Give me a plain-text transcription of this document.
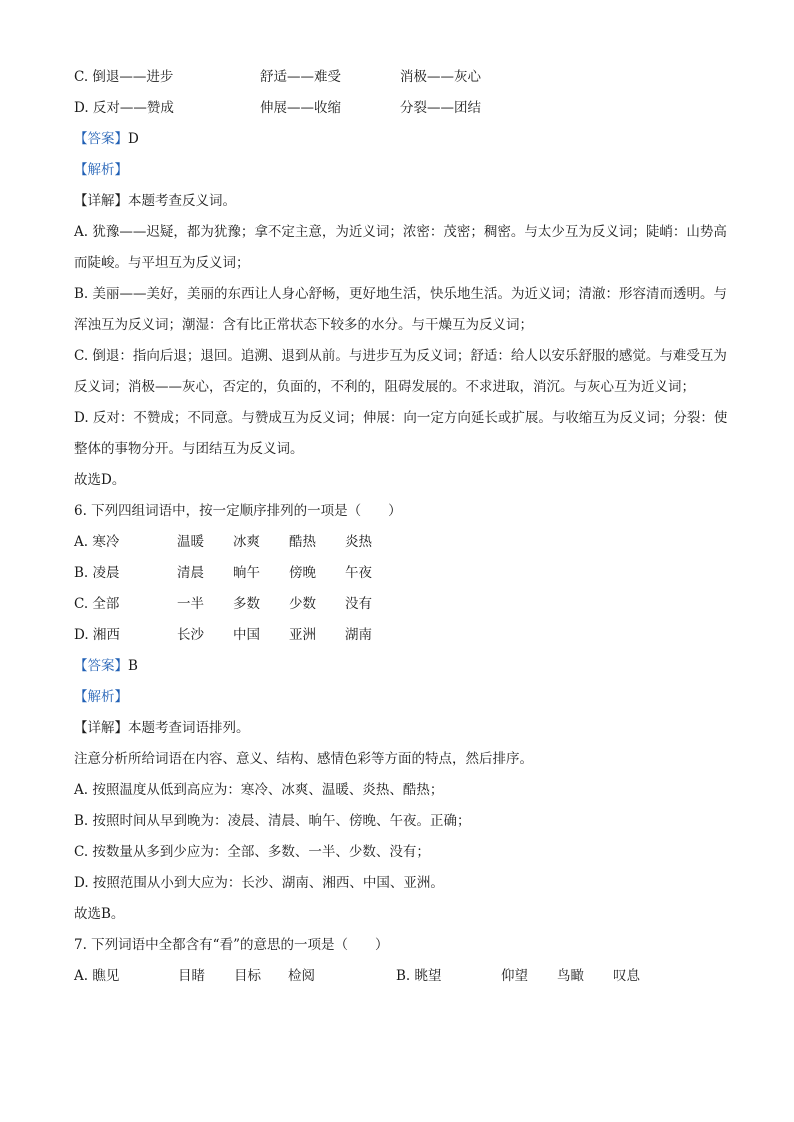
C. 倒退——进步	舒适——难受	消极——灰心
D. 反对——赞成	伸展——收缩	分裂——团结
【答案】D
【解析】
【详解】本题考查反义词。
A. 犹豫——迟疑，都为犹豫；拿不定主意，为近义词；浓密：茂密；稠密。与太少互为反义词；陡峭：山势高而陡峻。与平坦互为反义词；
B. 美丽——美好，美丽的东西让人身心舒畅，更好地生活，快乐地生活。为近义词；清澈：形容清而透明。与浑浊互为反义词；潮湿：含有比正常状态下较多的水分。与干燥互为反义词；
C. 倒退：指向后退；退回。追溯、退到从前。与进步互为反义词；舒适：给人以安乐舒服的感觉。与难受互为反义词；消极——灰心，否定的，负面的，不利的，阻碍发展的。不求进取，消沉。与灰心互为近义词；
D. 反对：不赞成；不同意。与赞成互为反义词；伸展：向一定方向延长或扩展。与收缩互为反义词；分裂：使整体的事物分开。与团结互为反义词。
故选D。
6. 下列四组词语中，按一定顺序排列的一项是（　　）
A. 寒冷	温暖 冰爽 酷热 炎热
B. 凌晨	清晨 晌午 傍晚 午夜
C. 全部	一半 多数 少数 没有
D. 湘西	长沙 中国 亚洲 湖南
【答案】B
【解析】
【详解】本题考查词语排列。
注意分析所给词语在内容、意义、结构、感情色彩等方面的特点，然后排序。
A. 按照温度从低到高应为：寒冷、冰爽、温暖、炎热、酷热；
B. 按照时间从早到晚为：凌晨、清晨、晌午、傍晚、午夜。正确；
C. 按数量从多到少应为：全部、多数、一半、少数、没有；
D. 按照范围从小到大应为：长沙、湖南、湘西、中国、亚洲。
故选B。
7. 下列词语中全都含有“看”的意思的一项是（　　）
A. 瞧见	目睹 目标 检阅	B. 眺望	仰望 鸟瞰 叹息
